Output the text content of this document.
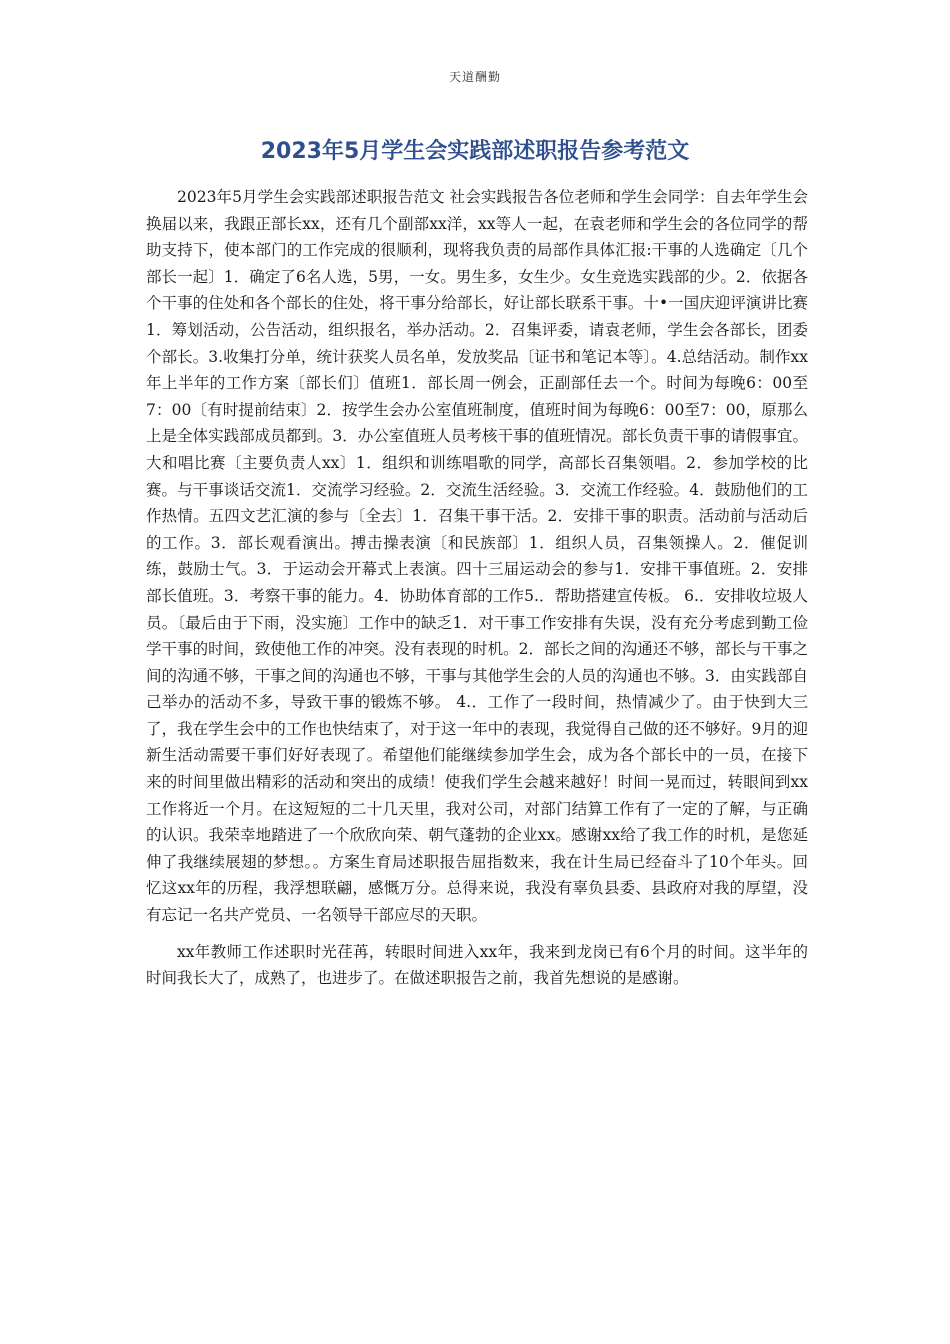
天道酬勤
2023年5月学生会实践部述职报告参考范文

2023年5月学生会实践部述职报告范文 社会实践报告各位老师和学生会同学：自去年学生会换届以来，我跟正部长xx，还有几个副部xx洋，xx等人一起，在袁老师和学生会的各位同学的帮助支持下，使本部门的工作完成的很顺利，现将我负责的局部作具体汇报:干事的人选确定〔几个部长一起〕1．确定了6名人选，5男，一女。男生多，女生少。女生竞选实践部的少。2．依据各个干事的住处和各个部长的住处，将干事分给部长，好让部长联系干事。十•一国庆迎评演讲比赛1．筹划活动，公告活动，组织报名，举办活动。2．召集评委，请袁老师，学生会各部长，团委个部长。3.收集打分单，统计获奖人员名单，发放奖品〔证书和笔记本等〕。4.总结活动。制作xx年上半年的工作方案〔部长们〕值班1．部长周一例会，正副部任去一个。时间为每晚6：00至7：00〔有时提前结束〕2．按学生会办公室值班制度，值班时间为每晚6：00至7：00，原那么上是全体实践部成员都到。3．办公室值班人员考核干事的值班情况。部长负责干事的请假事宜。大和唱比赛〔主要负责人xx〕1．组织和训练唱歌的同学，高部长召集领唱。2．参加学校的比赛。与干事谈话交流1．交流学习经验。2．交流生活经验。3．交流工作经验。4．鼓励他们的工作热情。五四文艺汇演的参与〔全去〕1．召集干事干活。2．安排干事的职责。活动前与活动后的工作。3．部长观看演出。搏击操表演〔和民族部〕1．组织人员，召集领操人。2．催促训练，鼓励士气。3．于运动会开幕式上表演。四十三届运动会的参与1．安排干事值班。2．安排部长值班。3．考察干事的能力。4．协助体育部的工作5.．帮助搭建宣传板。 6.．安排收垃圾人员。〔最后由于下雨，没实施〕工作中的缺乏1．对干事工作安排有失误，没有充分考虑到勤工俭学干事的时间，致使他工作的冲突。没有表现的时机。2．部长之间的沟通还不够，部长与干事之间的沟通不够，干事之间的沟通也不够，干事与其他学生会的人员的沟通也不够。3．由实践部自己举办的活动不多，导致干事的锻炼不够。 4.．工作了一段时间，热情减少了。由于快到大三了，我在学生会中的工作也快结束了，对于这一年中的表现，我觉得自己做的还不够好。9月的迎新生活动需要干事们好好表现了。希望他们能继续参加学生会，成为各个部长中的一员，在接下来的时间里做出精彩的活动和突出的成绩！使我们学生会越来越好！时间一晃而过，转眼间到xx工作将近一个月。在这短短的二十几天里，我对公司，对部门结算工作有了一定的了解，与正确的认识。我荣幸地踏进了一个欣欣向荣、朝气蓬勃的企业xx。感谢xx给了我工作的时机，是您延伸了我继续展翅的梦想。。方案生育局述职报告屈指数来，我在计生局已经奋斗了10个年头。回忆这xx年的历程，我浮想联翩，感慨万分。总得来说，我没有辜负县委、县政府对我的厚望，没有忘记一名共产党员、一名领导干部应尽的天职。

xx年教师工作述职时光荏苒，转眼时间进入xx年，我来到龙岗已有6个月的时间。这半年的时间我长大了，成熟了，也进步了。在做述职报告之前，我首先想说的是感谢。
